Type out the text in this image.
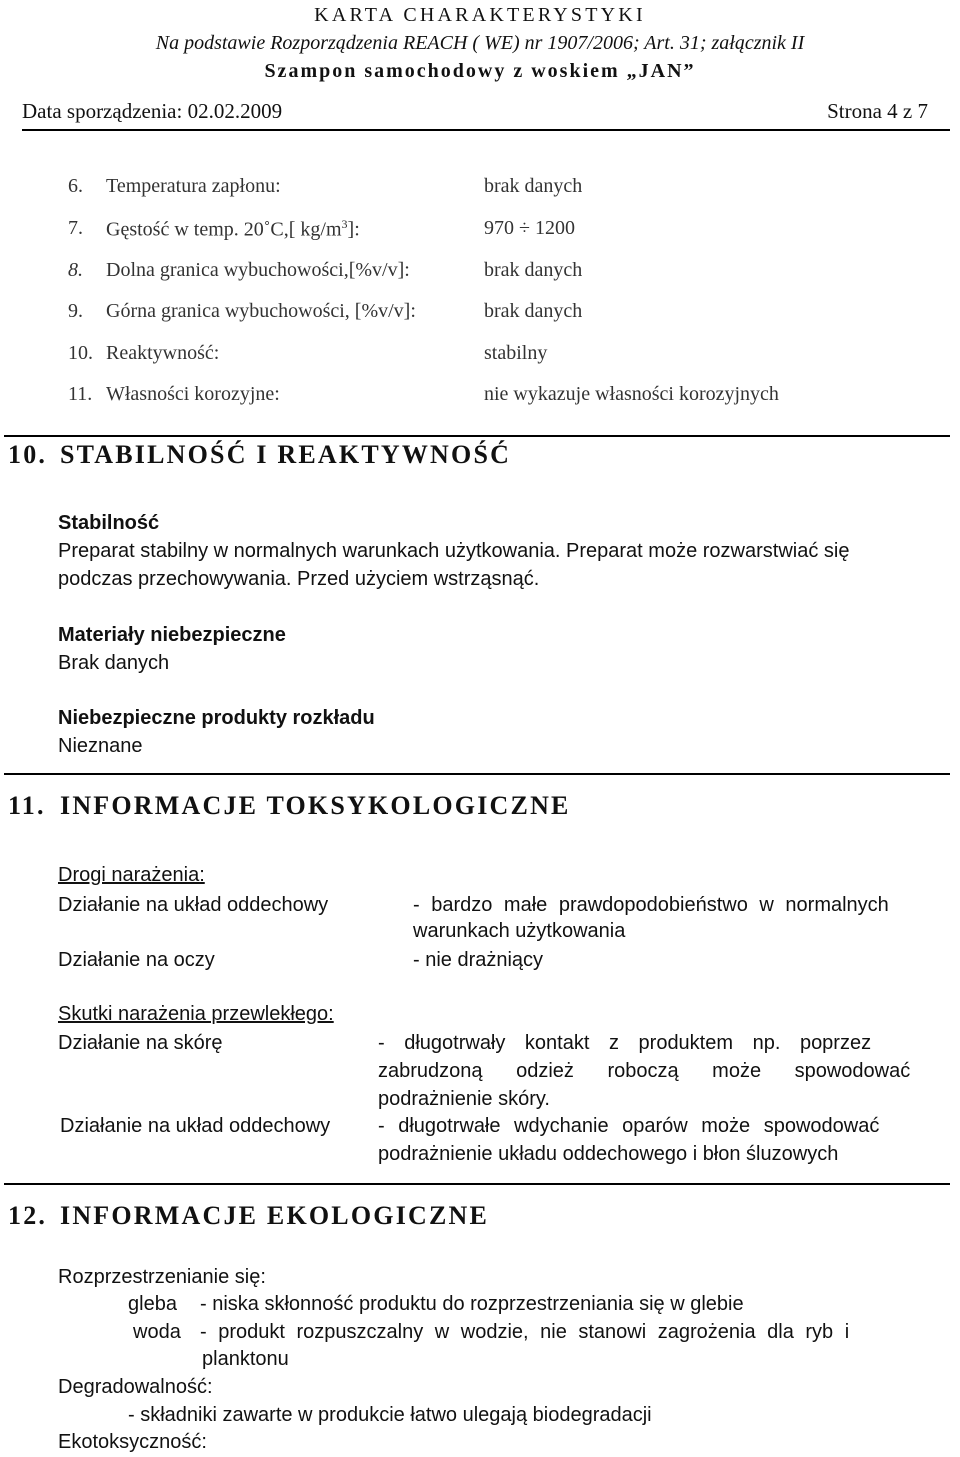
KARTA CHARAKTERYSTYKI
Na podstawie Rozporządzenia REACH ( WE) nr 1907/2006; Art. 31; załącznik II
Szampon samochodowy z woskiem „JAN”
Data sporządzenia: 02.02.2009	Strona 4 z 7
6. Temperatura zapłonu:	brak danych
7. Gęstość w temp. 20˚C,[ $kg/m^3$]:	970 ÷ 1200
8. Dolna granica wybuchowości,[%v/v]:	brak danych
9. Górna granica wybuchowości, [%v/v]:	brak danych
10. Reaktywność:	stabilny
11. Własności korozyjne:	nie wykazuje własności korozyjnych
10. STABILNOŚĆ I REAKTYWNOŚĆ
Stabilność
Preparat stabilny w normalnych warunkach użytkowania. Preparat może rozwarstwiać się
podczas przechowywania. Przed użyciem wstrząsnąć.
Materiały niebezpieczne
Brak danych
Niebezpieczne produkty rozkładu
Nieznane
11. INFORMACJE TOKSYKOLOGICZNE
Drogi narażenia:
Działanie na układ oddechowy	- bardzo małe prawdopodobieństwo w normalnych
warunkach użytkowania
Działanie na oczy	- nie drażniący
Skutki narażenia przewlekłego:
Działanie na skórę	- długotrwały kontakt z produktem np. poprzez
zabrudzoną odzież roboczą może spowodować
podrażnienie skóry.
Działanie na układ oddechowy - długotrwałe wdychanie oparów może spowodować
podrażnienie układu oddechowego i błon śluzowych
12. INFORMACJE EKOLOGICZNE
Rozprzestrzenianie się:
gleba - niska skłonność produktu do rozprzestrzeniania się w glebie
woda - produkt rozpuszczalny w wodzie, nie stanowi zagrożenia dla ryb i
planktonu
Degradowalność:
- składniki zawarte w produkcie łatwo ulegają biodegradacji
Ekotoksyczność:
